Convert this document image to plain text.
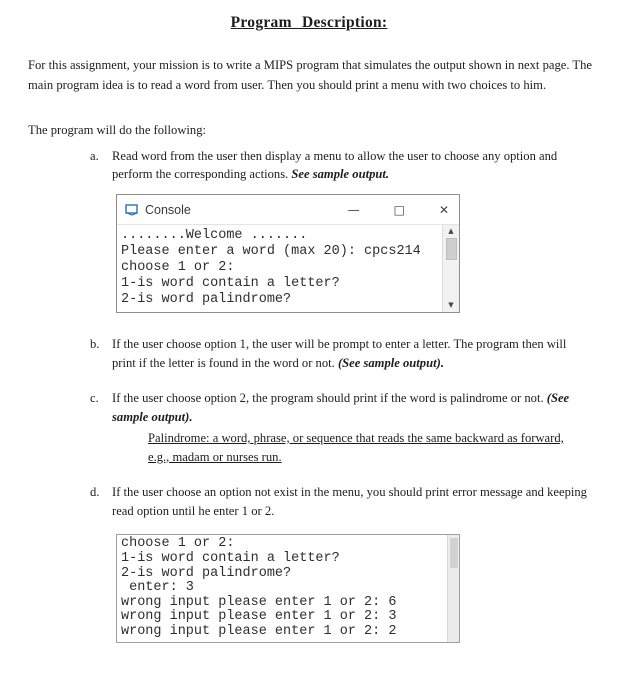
Program Description:

For this assignment, your mission is to write a MIPS program that simulates the output shown in next page. The main program idea is to read a word from user. Then you should print a menu with two choices to him.

The program will do the following:

a.	Read word from the user then display a menu to allow the user to choose any option and perform the corresponding actions. See sample output.
Console	—	□	✕
........Welcome .......
Please enter a word (max 20): cpcs214
choose 1 or 2:
1-is word contain a letter?
2-is word palindrome?
▲
▼
b. If the user choose option 1, the user will be prompt to enter a letter. The program then will print if the letter is found in the word or not. (See sample output).
c.	If the user choose option 2, the program should print if the word is palindrome or not. (See sample output).
Palindrome: a word, phrase, or sequence that reads the same backward as forward, e.g., madam or nurses run.
d. If the user choose an option not exist in the menu, you should print error message and keeping read option until he enter 1 or 2.
choose 1 or 2:
1-is word contain a letter?
2-is word palindrome?
enter: 3
wrong input please enter 1 or 2: 6
wrong input please enter 1 or 2: 3
wrong input please enter 1 or 2: 2
